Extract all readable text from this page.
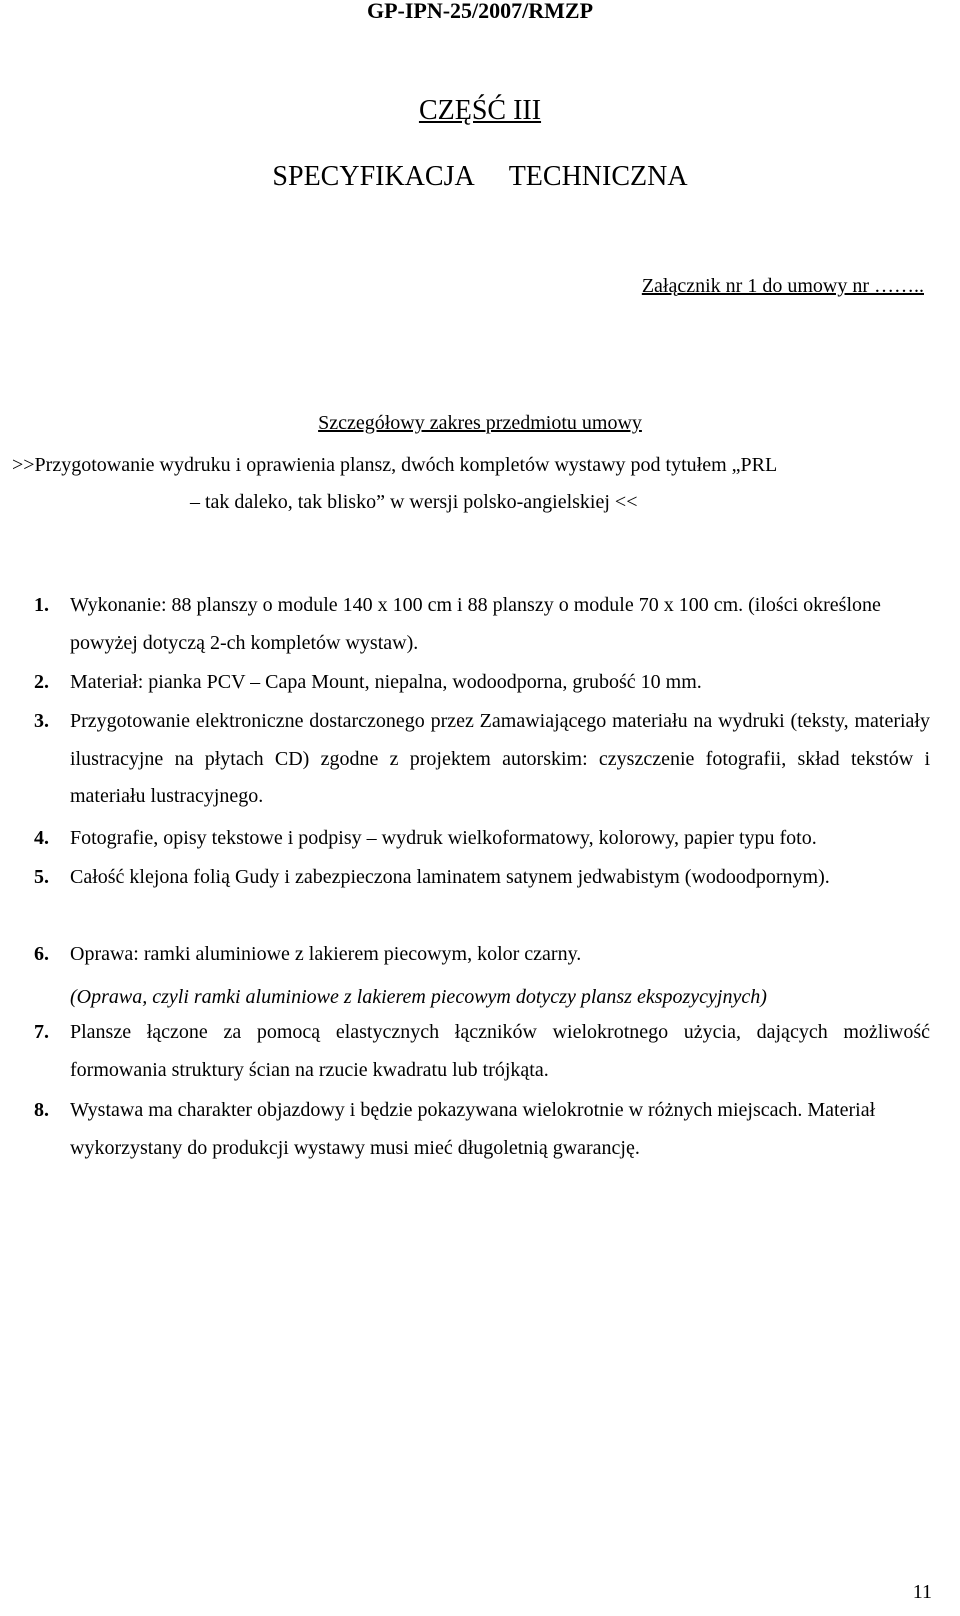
GP-IPN-25/2007/RMZP
CZĘŚĆ III
SPECYFIKACJA TECHNICZNA
Załącznik nr 1 do umowy nr ……..
Szczegółowy zakres przedmiotu umowy
>>Przygotowanie wydruku i oprawienia plansz, dwóch kompletów wystawy pod tytułem „PRL
– tak daleko, tak blisko” w wersji polsko-angielskiej <<
1. Wykonanie: 88 planszy o module 140 x 100 cm i 88 planszy o module 70 x 100 cm. (ilości określone powyżej dotyczą 2-ch kompletów wystaw).
2. Materiał: pianka PCV – Capa Mount, niepalna, wodoodporna, grubość 10 mm.
3. Przygotowanie elektroniczne dostarczonego przez Zamawiającego materiału na wydruki (teksty, materiały ilustracyjne na płytach CD) zgodne z projektem autorskim: czyszczenie fotografii, skład tekstów i materiału lustracyjnego.
4. Fotografie, opisy tekstowe i podpisy – wydruk wielkoformatowy, kolorowy, papier typu foto.
5. Całość klejona folią Gudy i zabezpieczona laminatem satynem jedwabistym (wodoodpornym).
6. Oprawa: ramki aluminiowe z lakierem piecowym, kolor czarny.
(Oprawa, czyli ramki aluminiowe z lakierem piecowym dotyczy plansz ekspozycyjnych)
7. Plansze łączone za pomocą elastycznych łączników wielokrotnego użycia, dających możliwość formowania struktury ścian na rzucie kwadratu lub trójkąta.
8. Wystawa ma charakter objazdowy i będzie pokazywana wielokrotnie w różnych miejscach. Materiał wykorzystany do produkcji wystawy musi mieć długoletnią gwarancję.
11
